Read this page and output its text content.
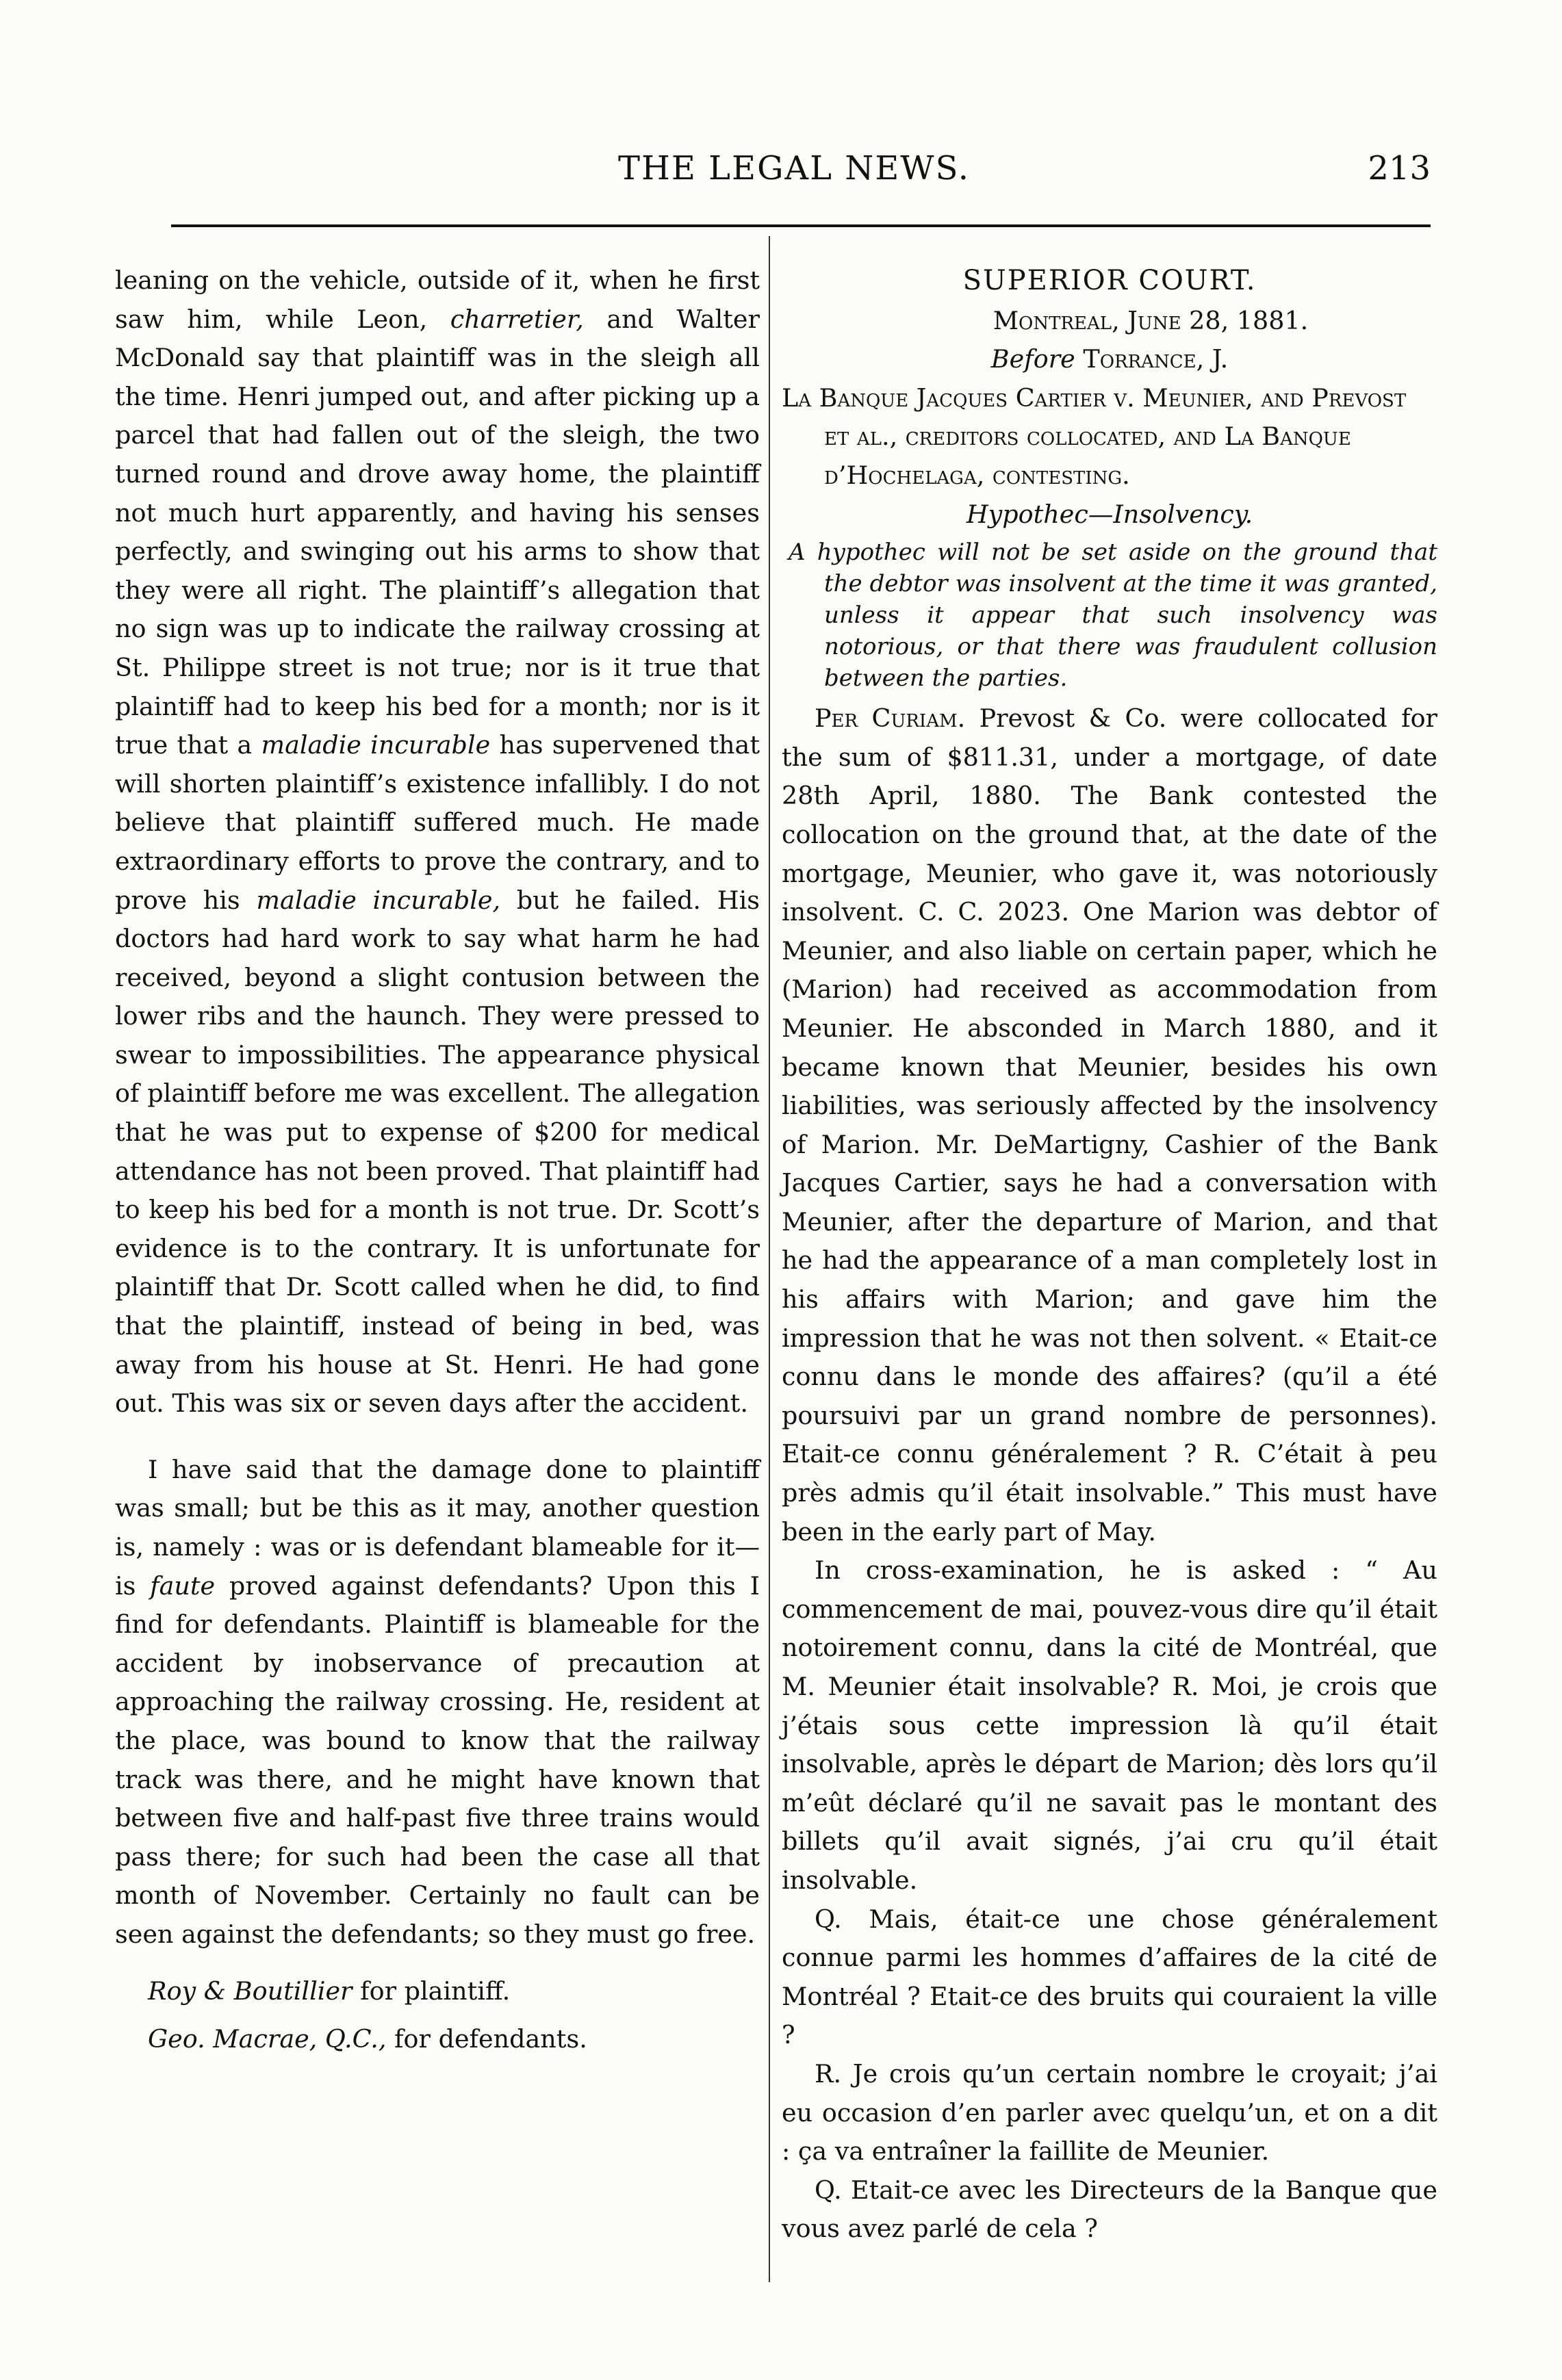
THE LEGAL NEWS.	213

leaning on the vehicle, outside of it, when he first saw him, while Leon, charretier, and Walter McDonald say that plaintiff was in the sleigh all the time. Henri jumped out, and after picking up a parcel that had fallen out of the sleigh, the two turned round and drove away home, the plaintiff not much hurt apparently, and having his senses perfectly, and swinging out his arms to show that they were all right. The plaintiff’s allegation that no sign was up to indicate the railway crossing at St. Philippe street is not true; nor is it true that plaintiff had to keep his bed for a month; nor is it true that a maladie incurable has supervened that will shorten plaintiff’s existence infallibly. I do not believe that plaintiff suffered much. He made extraordinary efforts to prove the contrary, and to prove his maladie incurable, but he failed. His doctors had hard work to say what harm he had received, beyond a slight contusion between the lower ribs and the haunch. They were pressed to swear to impossibilities. The appearance physical of plaintiff before me was excellent. The allegation that he was put to expense of $200 for medical attendance has not been proved. That plaintiff had to keep his bed for a month is not true. Dr. Scott’s evidence is to the contrary. It is unfortunate for plaintiff that Dr. Scott called when he did, to find that the plaintiff, instead of being in bed, was away from his house at St. Henri. He had gone out. This was six or seven days after the accident.

I have said that the damage done to plaintiff was small; but be this as it may, another question is, namely : was or is defendant blameable for it—is faute proved against defendants? Upon this I find for defendants. Plaintiff is blameable for the accident by inobservance of precaution at approaching the railway crossing. He, resident at the place, was bound to know that the railway track was there, and he might have known that between five and half-past five three trains would pass there; for such had been the case all that month of November. Certainly no fault can be seen against the defendants; so they must go free.

Roy & Boutillier for plaintiff.

Geo. Macrae, Q.C., for defendants.

SUPERIOR COURT.

Montreal, June 28, 1881.

Before Torrance, J.

La Banque Jacques Cartier v. Meunier, and Prevost et al., creditors collocated, and La Banque d’Hochelaga, contesting.

Hypothec—Insolvency.

A hypothec will not be set aside on the ground that the debtor was insolvent at the time it was granted, unless it appear that such insolvency was notorious, or that there was fraudulent collusion between the parties.

Per Curiam. Prevost & Co. were collocated for the sum of $811.31, under a mortgage, of date 28th April, 1880. The Bank contested the collocation on the ground that, at the date of the mortgage, Meunier, who gave it, was notoriously insolvent. C. C. 2023. One Marion was debtor of Meunier, and also liable on certain paper, which he (Marion) had received as accommodation from Meunier. He absconded in March 1880, and it became known that Meunier, besides his own liabilities, was seriously affected by the insolvency of Marion. Mr. DeMartigny, Cashier of the Bank Jacques Cartier, says he had a conversation with Meunier, after the departure of Marion, and that he had the appearance of a man completely lost in his affairs with Marion; and gave him the impression that he was not then solvent. « Etait-ce connu dans le monde des affaires? (qu’il a été poursuivi par un grand nombre de personnes). Etait-ce connu généralement ? R. C’était à peu près admis qu’il était insolvable.” This must have been in the early part of May.

In cross-examination, he is asked : “ Au commencement de mai, pouvez-vous dire qu’il était notoirement connu, dans la cité de Montréal, que M. Meunier était insolvable? R. Moi, je crois que j’étais sous cette impression là qu’il était insolvable, après le départ de Marion; dès lors qu’il m’eût déclaré qu’il ne savait pas le montant des billets qu’il avait signés, j’ai cru qu’il était insolvable.

Q. Mais, était-ce une chose généralement connue parmi les hommes d’affaires de la cité de Montréal ? Etait-ce des bruits qui couraient la ville ?

R. Je crois qu’un certain nombre le croyait; j’ai eu occasion d’en parler avec quelqu’un, et on a dit : ça va entraîner la faillite de Meunier.

Q. Etait-ce avec les Directeurs de la Banque que vous avez parlé de cela ?
